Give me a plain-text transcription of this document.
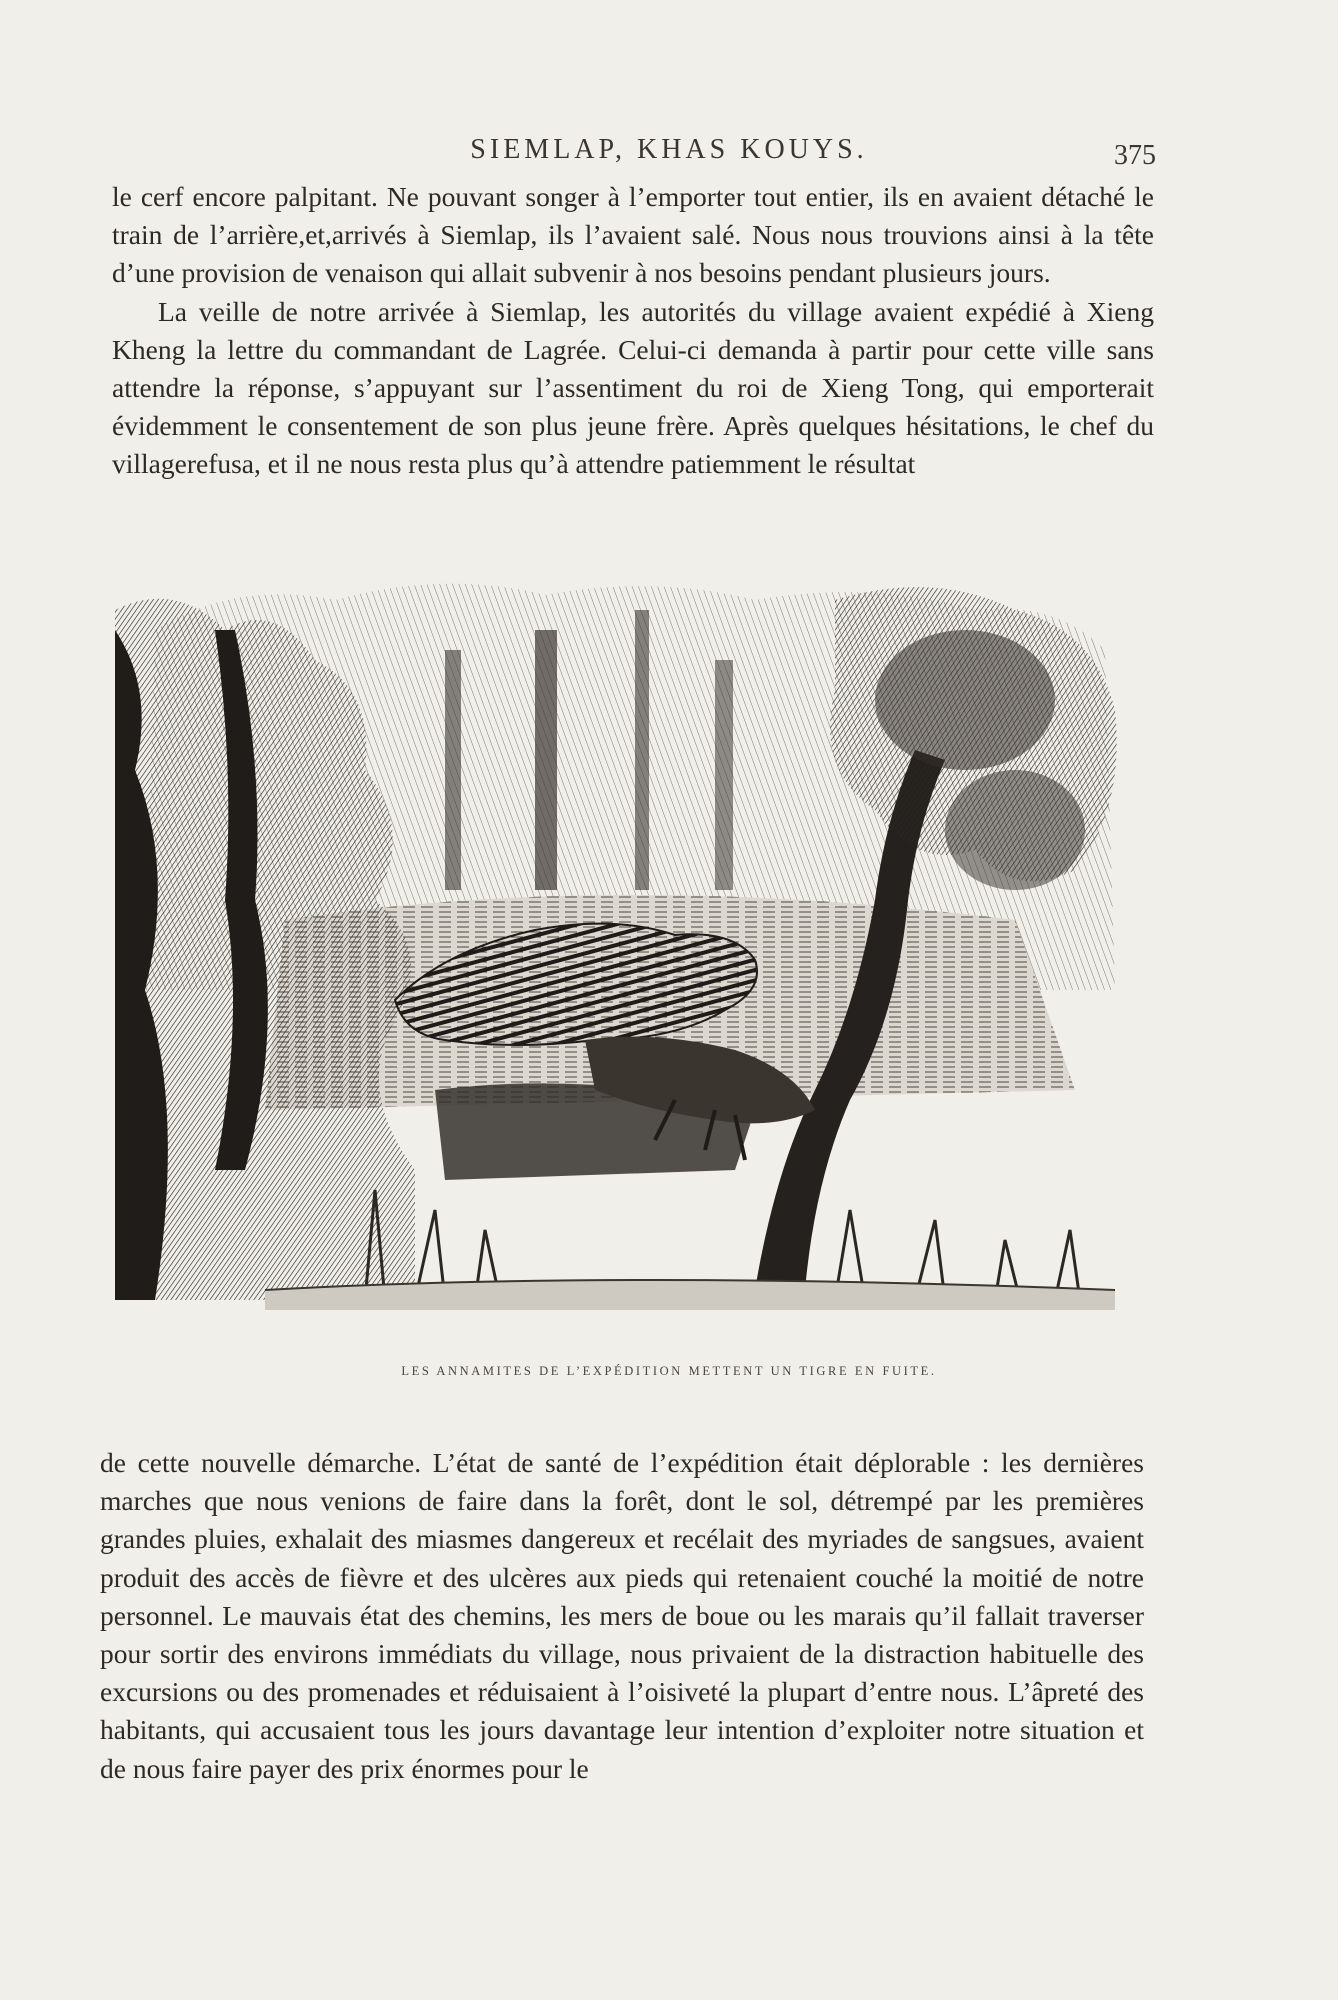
SIEMLAP, KHAS KOUYS.	375

le cerf encore palpitant. Ne pouvant songer à l’emporter tout entier, ils en avaient détaché le train de l’arrière,et,arrivés à Siemlap, ils l’avaient salé. Nous nous trouvions ainsi à la tête d’une provision de venaison qui allait subvenir à nos besoins pendant plusieurs jours.

La veille de notre arrivée à Siemlap, les autorités du village avaient expédié à Xieng Kheng la lettre du commandant de Lagrée. Celui-ci demanda à partir pour cette ville sans attendre la réponse, s’appuyant sur l’assentiment du roi de Xieng Tong, qui emporterait évidemment le consentement de son plus jeune frère. Après quelques hésitations, le chef du villagerefusa, et il ne nous resta plus qu’à attendre patiemment le résultat

LES ANNAMITES DE L’EXPÉDITION METTENT UN TIGRE EN FUITE.

de cette nouvelle démarche. L’état de santé de l’expédition était déplorable : les dernières marches que nous venions de faire dans la forêt, dont le sol, détrempé par les premières grandes pluies, exhalait des miasmes dangereux et recélait des myriades de sangsues, avaient produit des accès de fièvre et des ulcères aux pieds qui retenaient couché la moitié de notre personnel. Le mauvais état des chemins, les mers de boue ou les marais qu’il fallait traverser pour sortir des environs immédiats du village, nous privaient de la distraction habituelle des excursions ou des promenades et réduisaient à l’oisiveté la plupart d’entre nous. L’âpreté des habitants, qui accusaient tous les jours davantage leur intention d’exploiter notre situation et de nous faire payer des prix énormes pour le
